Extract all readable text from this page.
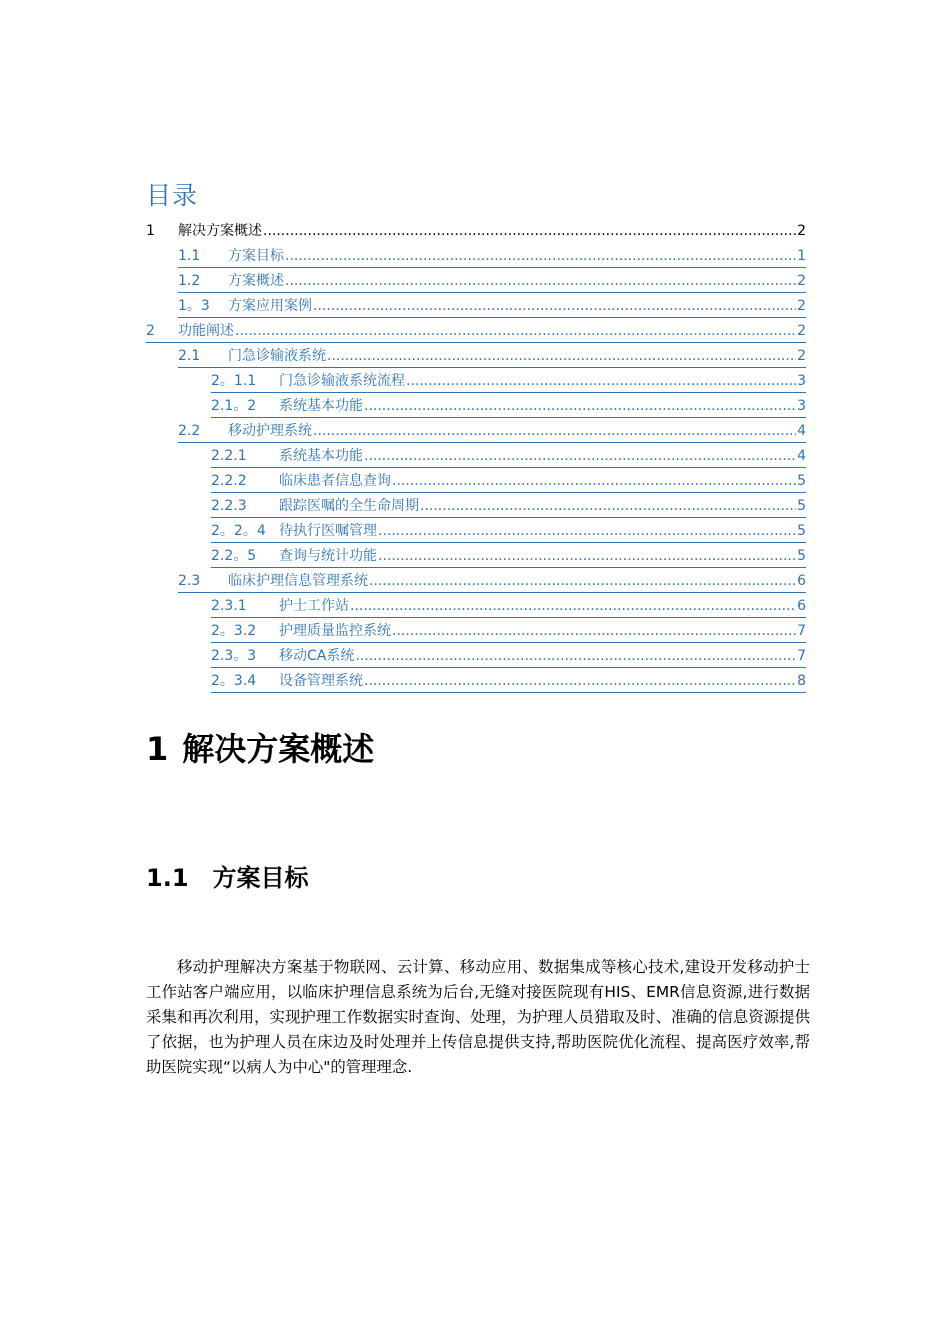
目录
1	解决方案概述 .....	2
1.1	方案目标 .....	1
1.2	方案概述 .....	2
1。3	方案应用案例 .....	2
2	功能阐述 .....	2
2.1	门急诊输液系统 .....	2
2。1.1	门急诊输液系统流程 .....	3
2.1。2	系统基本功能 .....	3
2.2	移动护理系统 .....	4
2.2.1	系统基本功能 .....	4
2.2.2	临床患者信息查询 .....	5
2.2.3	跟踪医嘱的全生命周期 .....	5
2。2。4 待执行医嘱管理 .....	5
2.2。5	查询与统计功能 .....	5
2.3	临床护理信息管理系统 .....	6
2.3.1	护士工作站 .....	6
2。3.2	护理质量监控系统 .....	7
2.3。3	移动CA系统 .....	7
2。3.4	设备管理系统 .....	8
1 解决方案概述
1.1 方案目标

移动护理解决方案基于物联网、云计算、移动应用、数据集成等核心技术,建设开发移动护士工作站客户端应用，以临床护理信息系统为后台,无缝对接医院现有HIS、EMR信息资源,进行数据采集和再次利用，实现护理工作数据实时查询、处理，为护理人员猎取及时、准确的信息资源提供了依据，也为护理人员在床边及时处理并上传信息提供支持,帮助医院优化流程、提高医疗效率,帮助医院实现“以病人为中心"的管理理念.
